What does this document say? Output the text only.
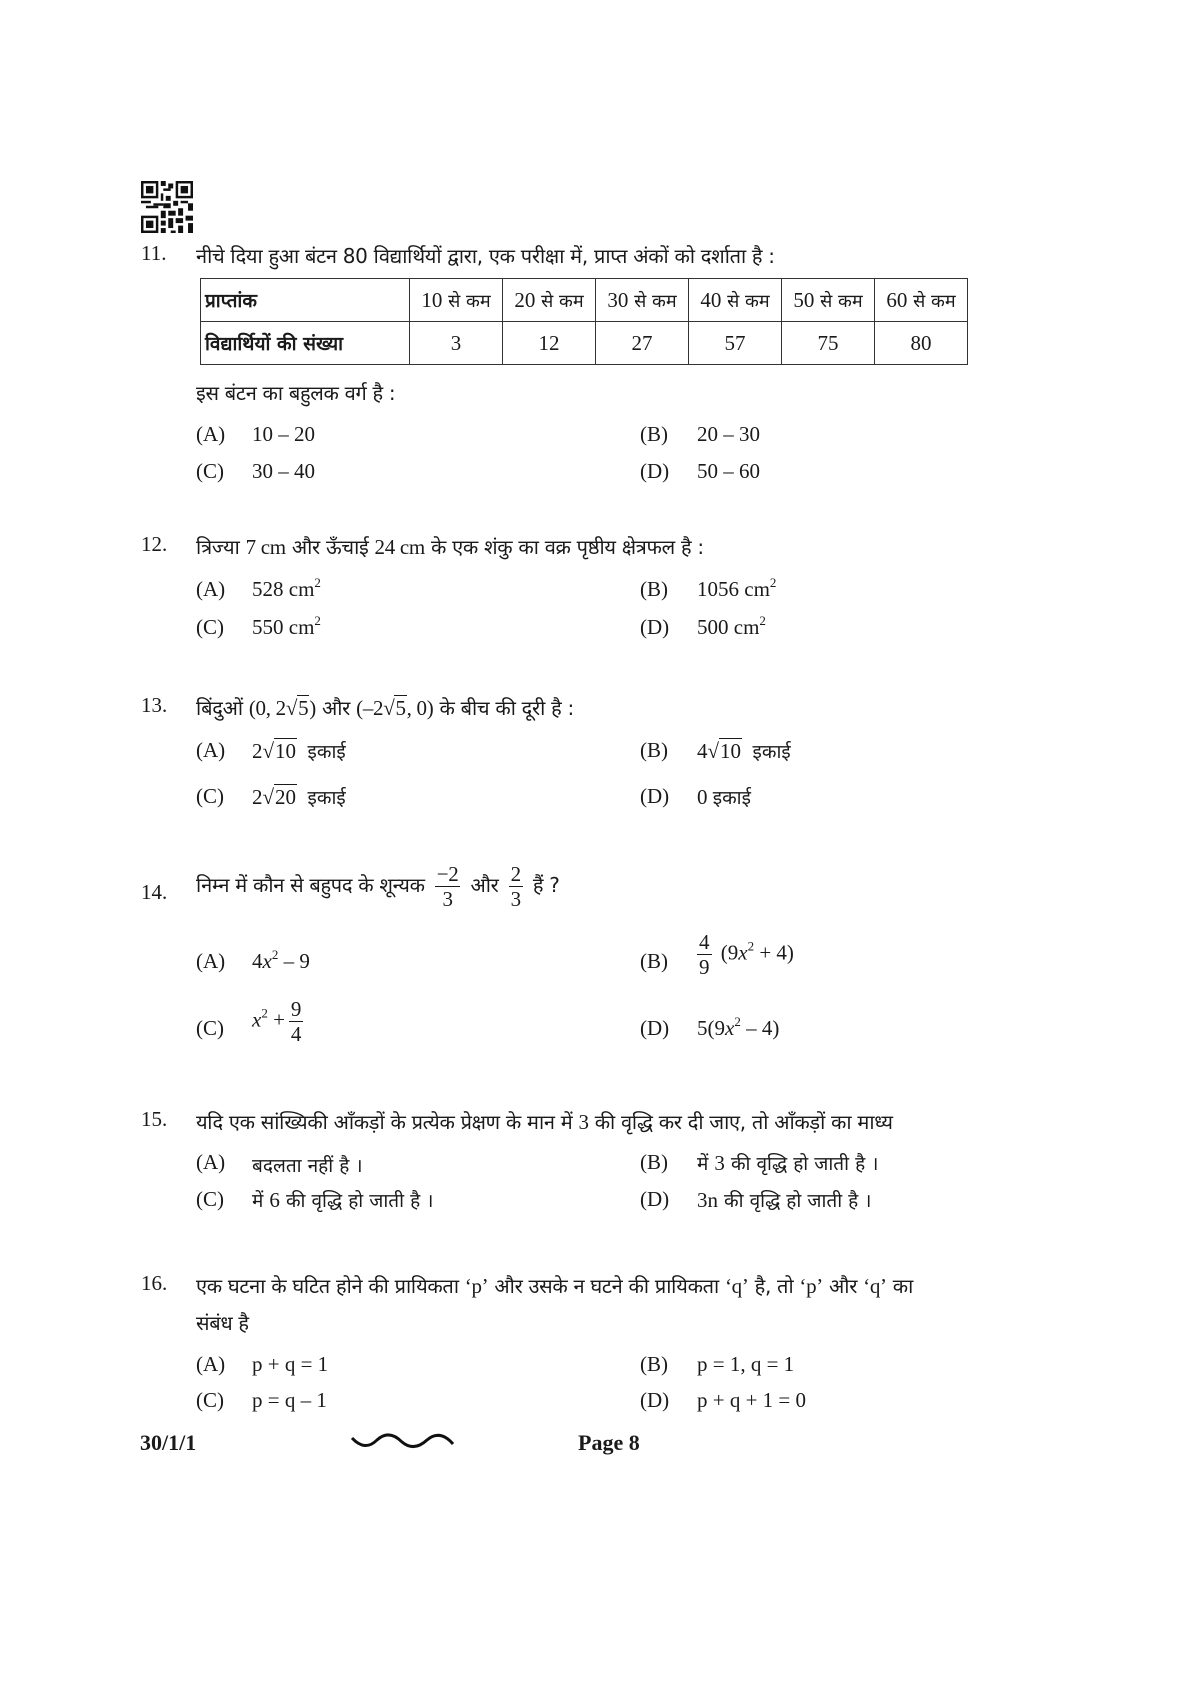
11. नीचे दिया हुआ बंटन 80 विद्यार्थियों द्वारा, एक परीक्षा में, प्राप्त अंकों को दर्शाता है :
प्राप्तांक	10 से कम	20 से कम	30 से कम	40 से कम	50 से कम	60 से कम
विद्यार्थियों की संख्या	3	12	27	57	75	80
इस बंटन का बहुलक वर्ग है :
(A) 10 – 20	(B) 20 – 30
(C) 30 – 40	(D) 50 – 60
12. त्रिज्या 7 cm और ऊँचाई 24 cm के एक शंकु का वक्र पृष्ठीय क्षेत्रफल है :
(A) 528 $cm^2$	(B) 1056 $cm^2$
(C) 550 $cm^2$	(D) 500 $cm^2$
13. बिंदुओं (0, 2√5) और (–2√5, 0) के बीच की दूरी है :
(A) 2√10 इकाई	(B) 4√10 इकाई
(C) 2√20 इकाई	(D) 0 इकाई
14. निम्न में कौन से बहुपद के शून्यक $\frac{-2}{3}$ और $\frac{2}{3}$ हैं ?
(A) $4x^2 - 9$	$(B) \frac{4}{9} (9x^2 + 4)$
(C) $x^2 + \frac{9}{4}$	(D) $5(9x^2 - 4)$
15. यदि एक सांख्यिकी आँकड़ों के प्रत्येक प्रेक्षण के मान में 3 की वृद्धि कर दी जाए, तो आँकड़ों का माध्य
(A) बदलता नहीं है ।	(B) में 3 की वृद्धि हो जाती है ।
(C) में 6 की वृद्धि हो जाती है ।	(D) 3n की वृद्धि हो जाती है ।
16. एक घटना के घटित होने की प्रायिकता ‘p’ और उसके न घटने की प्रायिकता ‘q’ है, तो ‘p’ और ‘q’ का
संबंध है
(A) p + q = 1	(B) p = 1, q = 1
(C) p = q – 1	(D) p + q + 1 = 0
30/1/1	Page 8
